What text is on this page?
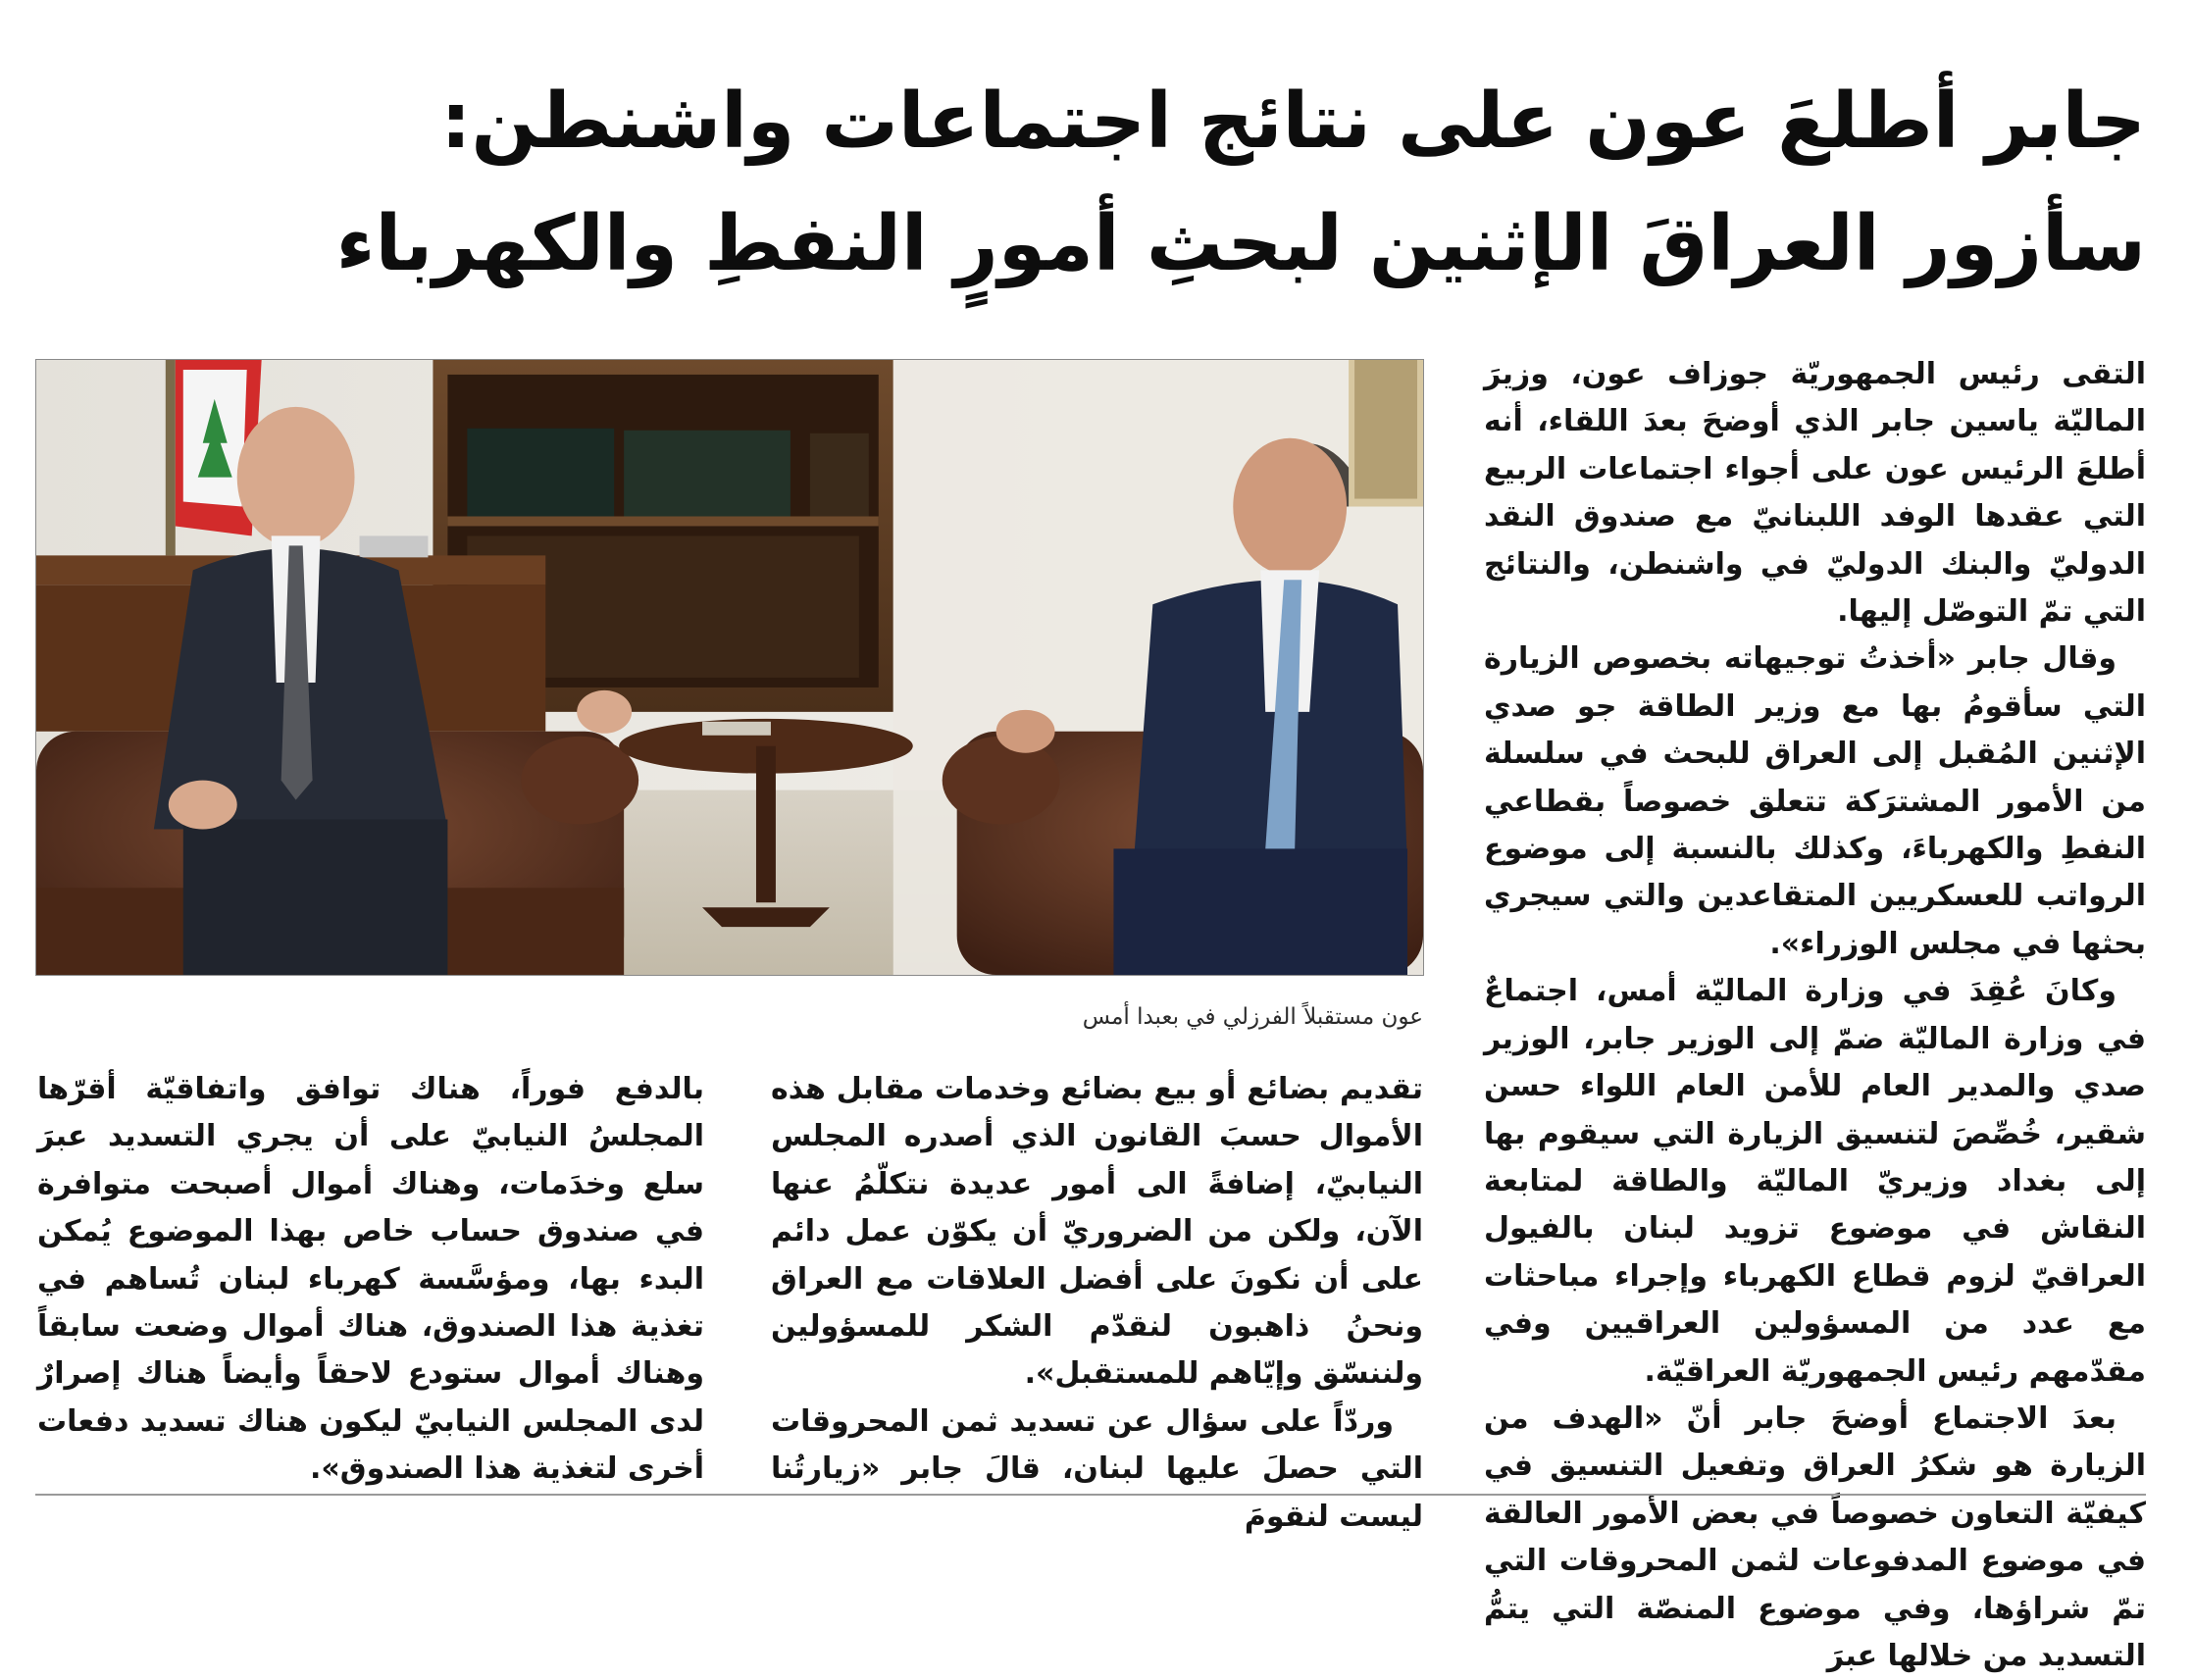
جابر أطلعَ عون على نتائج اجتماعات واشنطن:
سأزور العراقَ الإثنين لبحثِ أمورٍ النفطِ والكهرباء

التقى رئيس الجمهوريّة جوزاف عون، وزيرَ الماليّة ياسين جابر الذي أوضحَ بعدَ اللقاء، أنه أطلعَ الرئيس عون على أجواء اجتماعات الربيع التي عقدها الوفد اللبنانيّ مع صندوق النقد الدوليّ والبنك الدوليّ في واشنطن، والنتائج التي تمّ التوصّل إليها.

وقال جابر «أخذتُ توجيهاته بخصوص الزيارة التي سأقومُ بها مع وزير الطاقة جو صدي الإثنين المُقبل إلى العراق للبحث في سلسلة من الأمور المشترَكة تتعلق خصوصاً بقطاعي النفطِ والكهرباءَ، وكذلك بالنسبة إلى موضوع الرواتب للعسكريين المتقاعدين والتي سيجري بحثها في مجلس الوزراء».

وكانَ عُقِدَ في وزارة الماليّة أمس، اجتماعٌ في وزارة الماليّة ضمّ إلى الوزير جابر، الوزير صدي والمدير العام للأمن العام اللواء حسن شقير، خُصِّصَ لتنسيق الزيارة التي سيقوم بها إلى بغداد وزيريّ الماليّة والطاقة لمتابعة النقاش في موضوع تزويد لبنان بالفيول العراقيّ لزوم قطاع الكهرباء وإجراء مباحثات مع عدد من المسؤولين العراقيين وفي مقدّمهم رئيس الجمهوريّة العراقيّة.

بعدَ الاجتماع أوضحَ جابر أنّ «الهدف من الزيارة هو شكرُ العراق وتفعيل التنسيق في كيفيّة التعاون خصوصاً في بعض الأمور العالقة في موضوع المدفوعات لثمن المحروقات التي تمّ شراؤها، وفي موضوع المنصّة التي يتمُّ التسديد من خلالها عبرَ

عون مستقبلاً الفرزلي في بعبدا أمس

تقديم بضائع أو بيع بضائع وخدمات مقابل هذه الأموال حسبَ القانون الذي أصدره المجلس النيابيّ، إضافةً الى أمور عديدة نتكلّمُ عنها الآن، ولكن من الضروريّ أن يكوّن عمل دائم على أن نكونَ على أفضل العلاقات مع العراق ونحنُ ذاهبون لنقدّم الشكر للمسؤولين ولننسّق وإيّاهم للمستقبل».

وردّاً على سؤال عن تسديد ثمن المحروقات التي حصلَ عليها لبنان، قالَ جابر «زيارتُنا ليست لنقومَ

بالدفع فوراً، هناك توافق واتفاقيّة أقرّها المجلسُ النيابيّ على أن يجري التسديد عبرَ سلع وخدَمات، وهناك أموال أصبحت متوافرة في صندوق حساب خاص بهذا الموضوع يُمكن البدء بها، ومؤسَّسة كهرباء لبنان تُساهم في تغذية هذا الصندوق، هناك أموال وضعت سابقاً وهناك أموال ستودع لاحقاً وأيضاً هناك إصرارٌ لدى المجلس النيابيّ ليكون هناك تسديد دفعات أخرى لتغذية هذا الصندوق».
